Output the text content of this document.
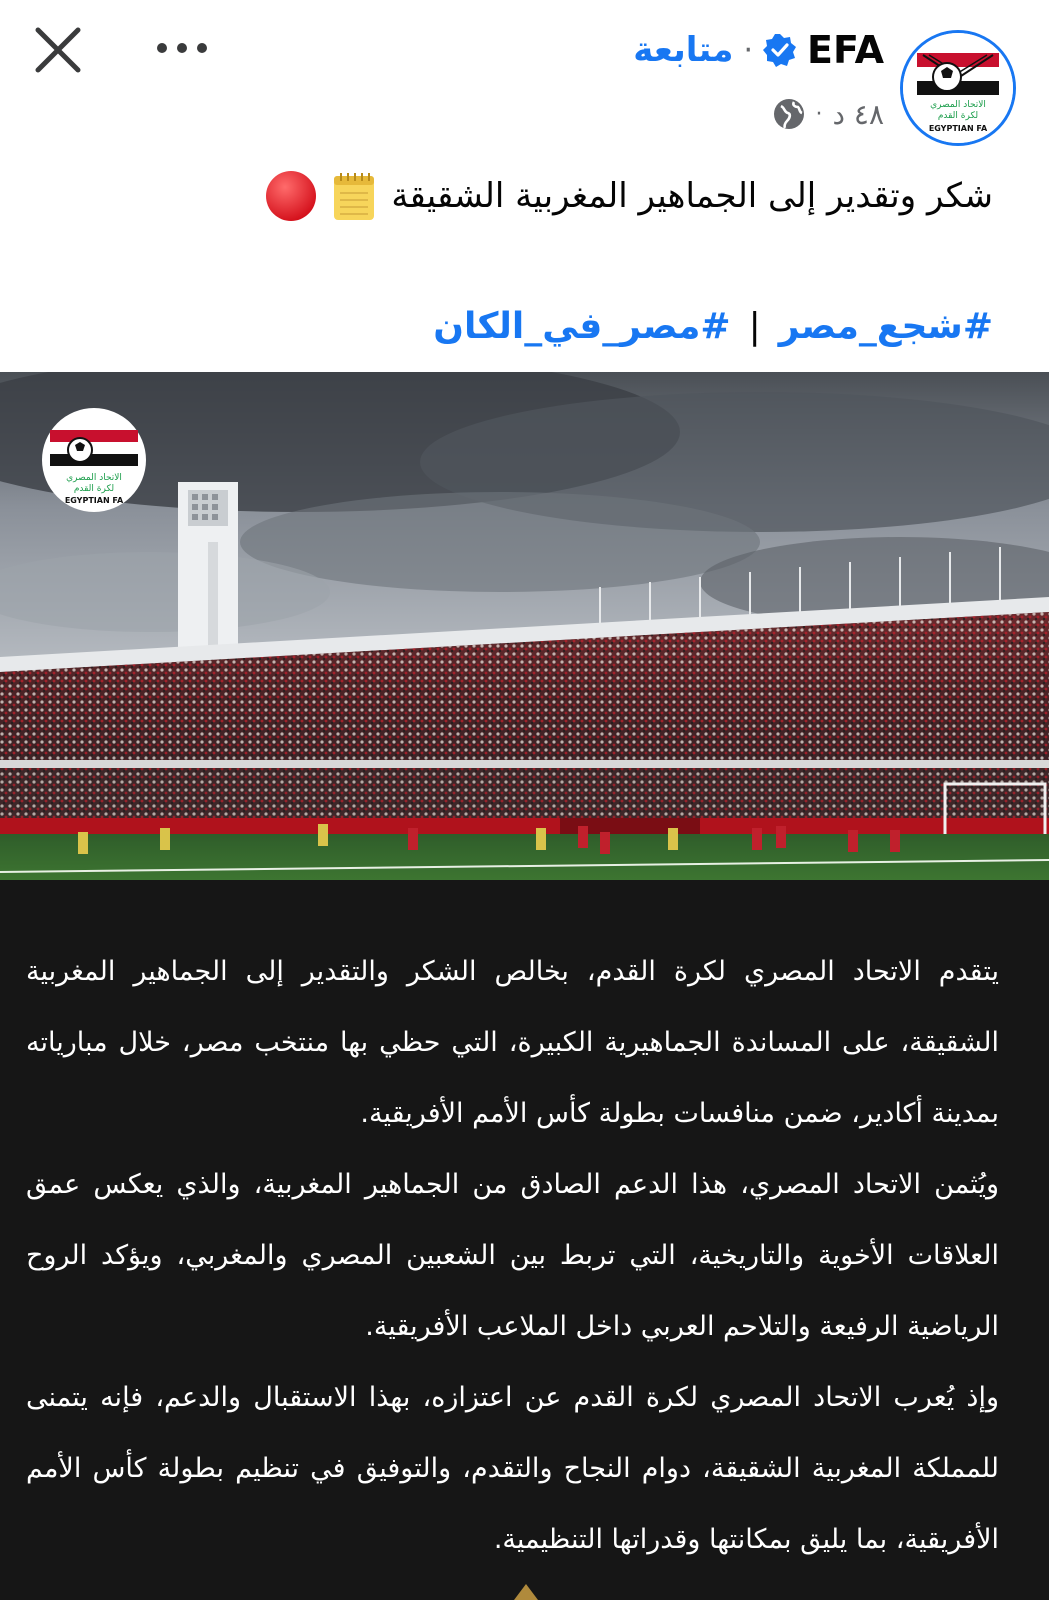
الاتحاد المصري
لكرة القدم
EGYPTIAN FA
EFA
·
متابعة
٤٨ د
·
شكر وتقدير إلى الجماهير المغربية الشقيقة
#مصر_في_الكان | #شجع_مصر
الاتحاد المصري
لكرة القدم
EGYPTIAN FA

يتقدم الاتحاد المصري لكرة القدم، بخالص الشكر والتقدير إلى الجماهير المغربية الشقيقة، على المساندة الجماهيرية الكبيرة، التي حظي بها منتخب مصر، خلال مبارياته بمدينة أكادير، ضمن منافسات بطولة كأس الأمم الأفريقية.

ويُثمن الاتحاد المصري، هذا الدعم الصادق من الجماهير المغربية، والذي يعكس عمق العلاقات الأخوية والتاريخية، التي تربط بين الشعبين المصري والمغربي، ويؤكد الروح الرياضية الرفيعة والتلاحم العربي داخل الملاعب الأفريقية.

وإذ يُعرب الاتحاد المصري لكرة القدم عن اعتزازه، بهذا الاستقبال والدعم، فإنه يتمنى للمملكة المغربية الشقيقة، دوام النجاح والتقدم، والتوفيق في تنظيم بطولة كأس الأمم الأفريقية، بما يليق بمكانتها وقدراتها التنظيمية.
